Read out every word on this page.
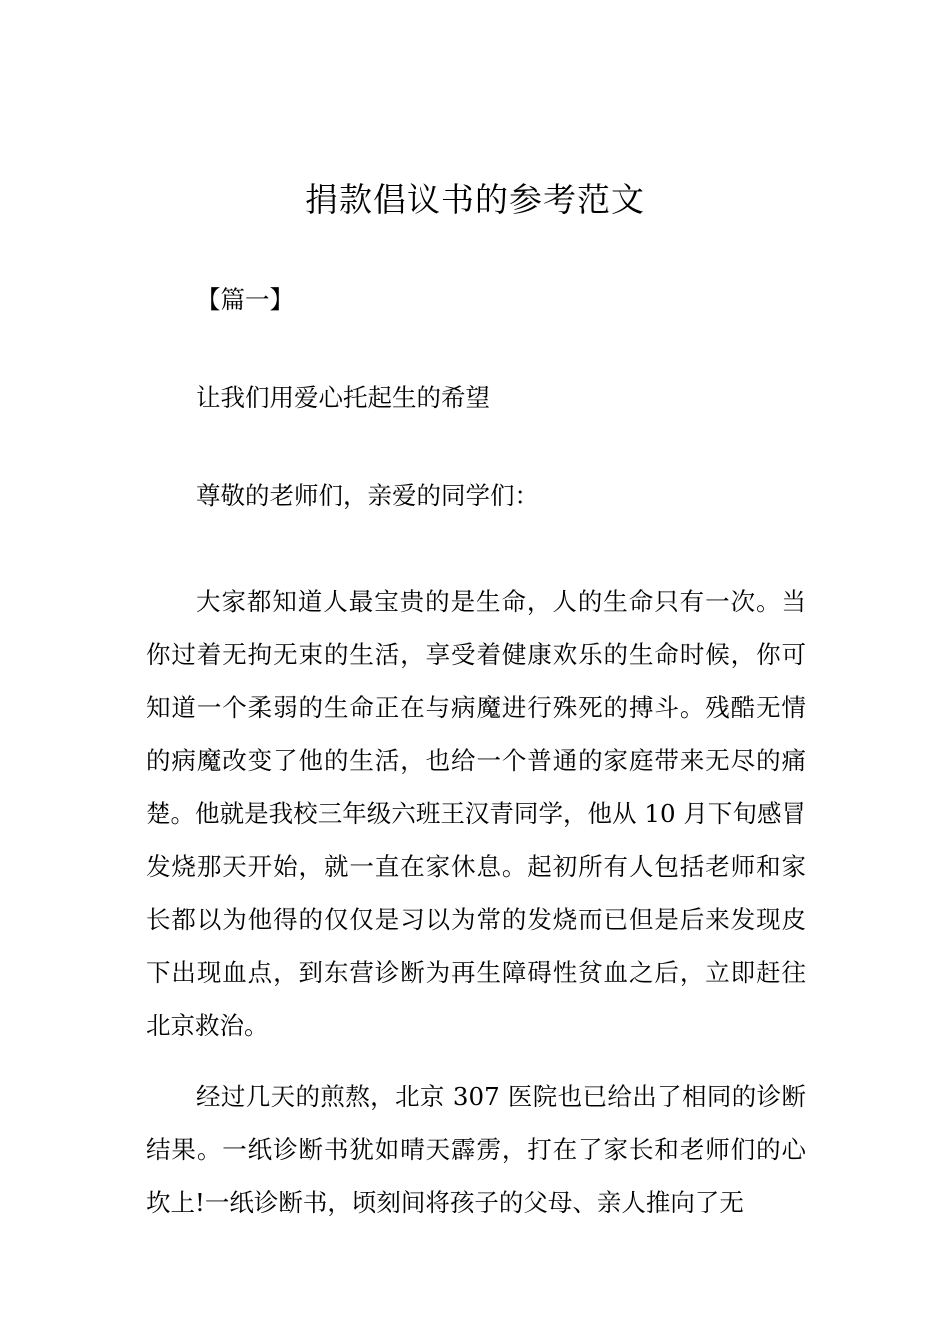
捐款倡议书的参考范文

【篇一】

让我们用爱心托起生的希望

尊敬的老师们，亲爱的同学们：

大家都知道人最宝贵的是生命，人的生命只有一次。当你过着无拘无束的生活，享受着健康欢乐的生命时候，你可知道一个柔弱的生命正在与病魔进行殊死的搏斗。残酷无情的病魔改变了他的生活，也给一个普通的家庭带来无尽的痛楚。他就是我校三年级六班王汉青同学，他从 10 月下旬感冒发烧那天开始，就一直在家休息。起初所有人包括老师和家长都以为他得的仅仅是习以为常的发烧而已但是后来发现皮下出现血点，到东营诊断为再生障碍性贫血之后，立即赶往北京救治。

经过几天的煎熬，北京 307 医院也已给出了相同的诊断结果。一纸诊断书犹如晴天霹雳，打在了家长和老师们的心坎上!一纸诊断书，顷刻间将孩子的父母、亲人推向了无
